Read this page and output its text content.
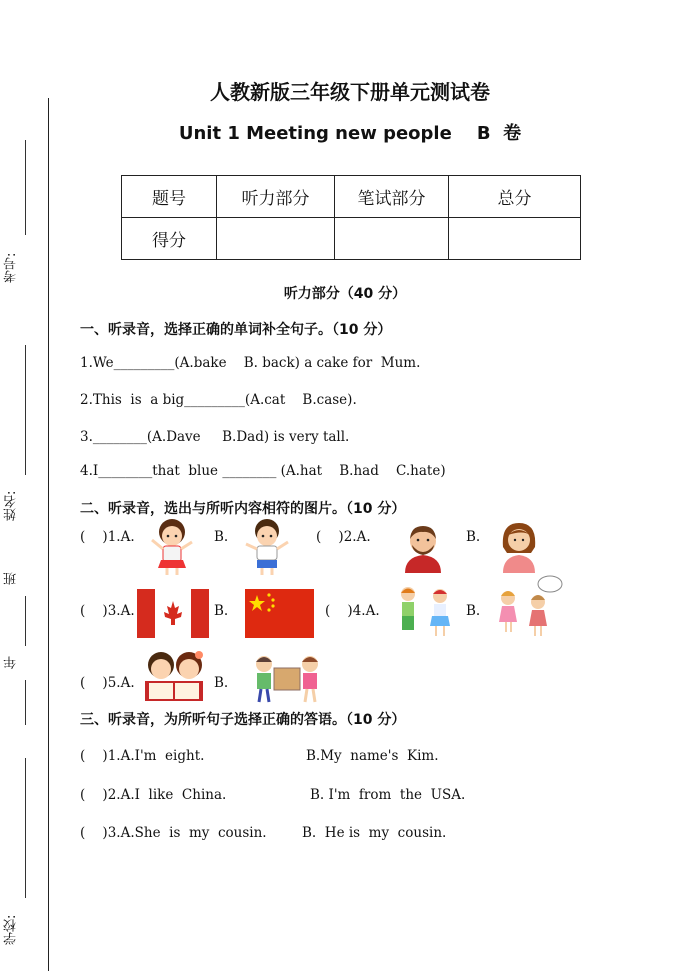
考号:
姓名:
班
年
学校:
人教新版三年级下册单元测试卷
Unit 1 Meeting new people    B  卷
题号	听力部分	笔试部分	总分
得分			
听力部分（40 分）
一、听录音，选择正确的单词补全句子。（10 分）
1.We_________(A.bake    B. back) a cake for  Mum.
2.This  is  a big_________(A.cat    B.case).
3.________(A.Dave     B.Dad) is very tall.
4.I________that  blue ________ (A.hat    B.had    C.hate)
二、听录音，选出与所听内容相符的图片。（10 分）
(    )1.A.	B.	(    )2.A.	B.
(    )3.A.	B.	(    )4.A.	B.
(    )5.A.	B.
三、听录音，为所听句子选择正确的答语。（10 分）
(    )1.A.I'm  eight.	B.My  name's  Kim.
(    )2.A.I  like  China.	B. I'm  from  the  USA.
(    )3.A.She  is  my  cousin.	B.  He is  my  cousin.
